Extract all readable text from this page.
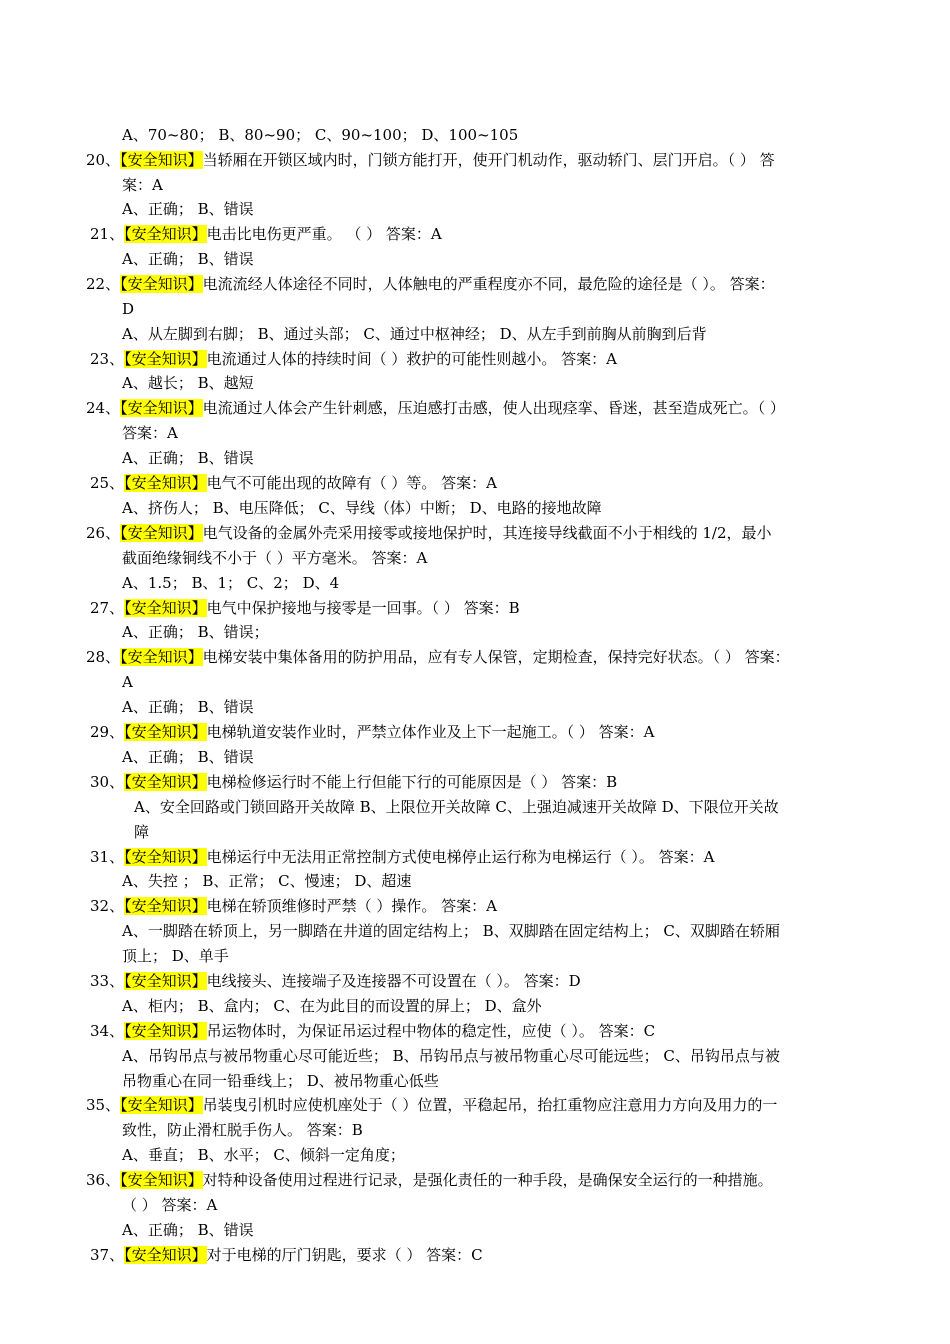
A、70~80； B、80~90； C、90~100； D、100~105
20、【安全知识】当轿厢在开锁区域内时，门锁方能打开，使开门机动作，驱动轿门、层门开启。（ ） 答
案：A
A、正确； B、错误
21、【安全知识】电击比电伤更严重。 （ ） 答案：A
A、正确； B、错误
22、【安全知识】电流流经人体途径不同时，人体触电的严重程度亦不同，最危险的途径是（ ）。 答案：
D
A、从左脚到右脚； B、通过头部； C、通过中枢神经； D、从左手到前胸从前胸到后背
23、【安全知识】电流通过人体的持续时间（ ）救护的可能性则越小。 答案：A
A、越长； B、越短
24、【安全知识】电流通过人体会产生针刺感，压迫感打击感，使人出现痉挛、昏迷，甚至造成死亡。（ ）
答案：A
A、正确； B、错误
25、【安全知识】电气不可能出现的故障有（ ）等。 答案：A
A、挤伤人； B、电压降低； C、导线（体）中断； D、电路的接地故障
26、【安全知识】电气设备的金属外壳采用接零或接地保护时，其连接导线截面不小于相线的 1/2，最小
截面绝缘铜线不小于（ ）平方毫米。 答案：A
A、1.5； B、1； C、2； D、4
27、【安全知识】电气中保护接地与接零是一回事。（ ） 答案：B
A、正确； B、错误；
28、【安全知识】电梯安装中集体备用的防护用品，应有专人保管，定期检查，保持完好状态。（ ） 答案：
A
A、正确； B、错误
29、【安全知识】电梯轨道安装作业时，严禁立体作业及上下一起施工。（ ） 答案：A
A、正确； B、错误
30、【安全知识】电梯检修运行时不能上行但能下行的可能原因是（ ） 答案：B
A、安全回路或门锁回路开关故障 B、上限位开关故障 C、上强迫减速开关故障 D、下限位开关故
障
31、【安全知识】电梯运行中无法用正常控制方式使电梯停止运行称为电梯运行（ ）。 答案：A
A、失控 ； B、正常； C、慢速； D、超速
32、【安全知识】电梯在轿顶维修时严禁（ ）操作。 答案：A
A、一脚踏在轿顶上，另一脚踏在井道的固定结构上； B、双脚踏在固定结构上； C、双脚踏在轿厢
顶上； D、单手
33、【安全知识】电线接头、连接端子及连接器不可设置在（ ）。 答案：D
A、柜内； B、盒内； C、在为此目的而设置的屏上； D、盒外
34、【安全知识】吊运物体时，为保证吊运过程中物体的稳定性，应使（ ）。 答案：C
A、吊钩吊点与被吊物重心尽可能近些； B、吊钩吊点与被吊物重心尽可能远些； C、吊钩吊点与被
吊物重心在同一铅垂线上； D、被吊物重心低些
35、【安全知识】吊装曳引机时应使机座处于（ ）位置，平稳起吊，抬扛重物应注意用力方向及用力的一
致性，防止滑杠脱手伤人。 答案：B
A、垂直； B、水平； C、倾斜一定角度；
36、【安全知识】对特种设备使用过程进行记录，是强化责任的一种手段，是确保安全运行的一种措施。
（ ） 答案：A
A、正确； B、错误
37、【安全知识】对于电梯的厅门钥匙，要求（ ） 答案：C
